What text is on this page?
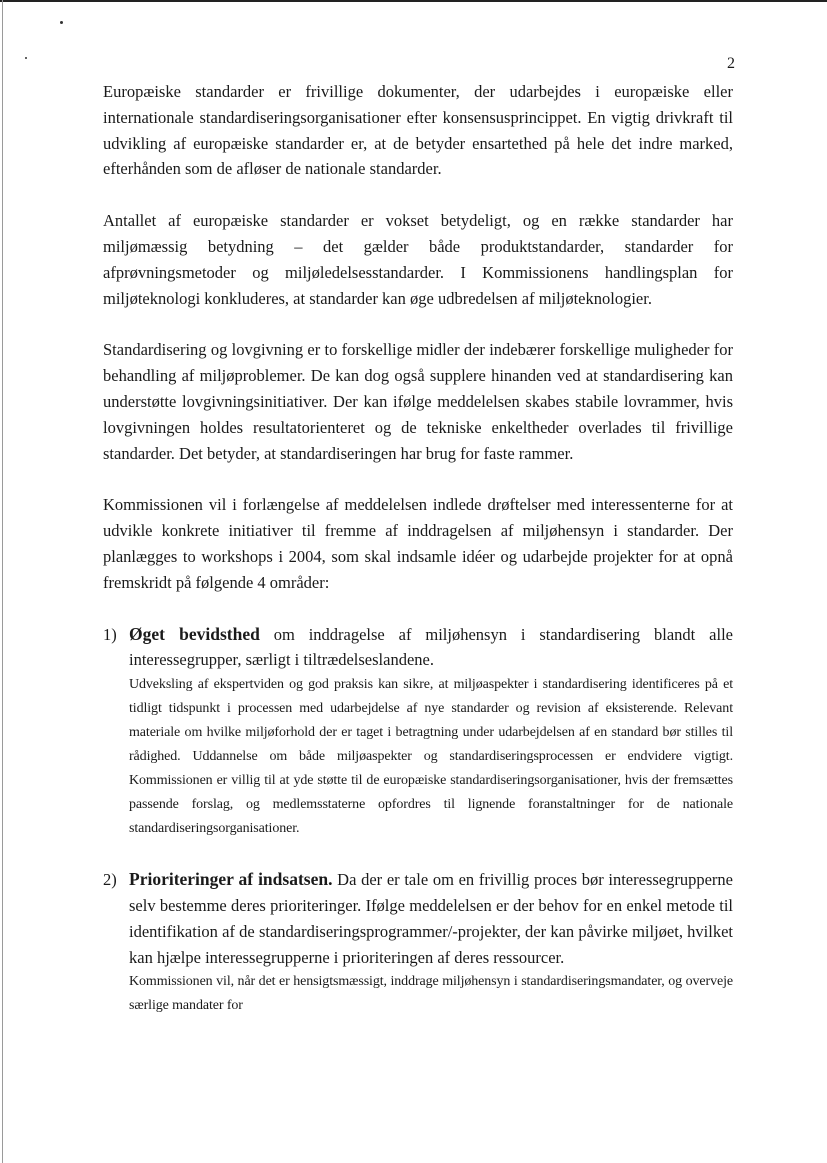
2

Europæiske standarder er frivillige dokumenter, der udarbejdes i europæiske eller internationale standardiseringsorganisationer efter konsensusprincippet. En vigtig drivkraft til udvikling af europæiske standarder er, at de betyder ensartethed på hele det indre marked, efterhånden som de afløser de nationale standarder.

Antallet af europæiske standarder er vokset betydeligt, og en række standarder har miljømæssig betydning – det gælder både produktstandarder, standarder for afprøvningsmetoder og miljøledelsesstandarder. I Kommissionens handlingsplan for miljøteknologi konkluderes, at standarder kan øge udbredelsen af miljøteknologier.

Standardisering og lovgivning er to forskellige midler der indebærer forskellige muligheder for behandling af miljøproblemer. De kan dog også supplere hinanden ved at standardisering kan understøtte lovgivningsinitiativer. Der kan ifølge meddelelsen skabes stabile lovrammer, hvis lovgivningen holdes resultatorienteret og de tekniske enkeltheder overlades til frivillige standarder. Det betyder, at standardiseringen har brug for faste rammer.

Kommissionen vil i forlængelse af meddelelsen indlede drøftelser med interessenterne for at udvikle konkrete initiativer til fremme af inddragelsen af miljøhensyn i standarder. Der planlægges to workshops i 2004, som skal indsamle idéer og udarbejde projekter for at opnå fremskridt på følgende 4 områder:

1) Øget bevidsthed om inddragelse af miljøhensyn i standardisering blandt alle interessegrupper, særligt i tiltrædelseslandene.
Udveksling af ekspertviden og god praksis kan sikre, at miljøaspekter i standardisering identificeres på et tidligt tidspunkt i processen med udarbejdelse af nye standarder og revision af eksisterende. Relevant materiale om hvilke miljøforhold der er taget i betragtning under udarbejdelsen af en standard bør stilles til rådighed. Uddannelse om både miljøaspekter og standardiseringsprocessen er endvidere vigtigt. Kommissionen er villig til at yde støtte til de europæiske standardiseringsorganisationer, hvis der fremsættes passende forslag, og medlemsstaterne opfordres til lignende foranstaltninger for de nationale standardiseringsorganisationer.
2) Prioriteringer af indsatsen. Da der er tale om en frivillig proces bør interessegrupperne selv bestemme deres prioriteringer. Ifølge meddelelsen er der behov for en enkel metode til identifikation af de standardiseringsprogrammer/-projekter, der kan påvirke miljøet, hvilket kan hjælpe interessegrupperne i prioriteringen af deres ressourcer.
Kommissionen vil, når det er hensigtsmæssigt, inddrage miljøhensyn i standardiseringsmandater, og overveje særlige mandater for
